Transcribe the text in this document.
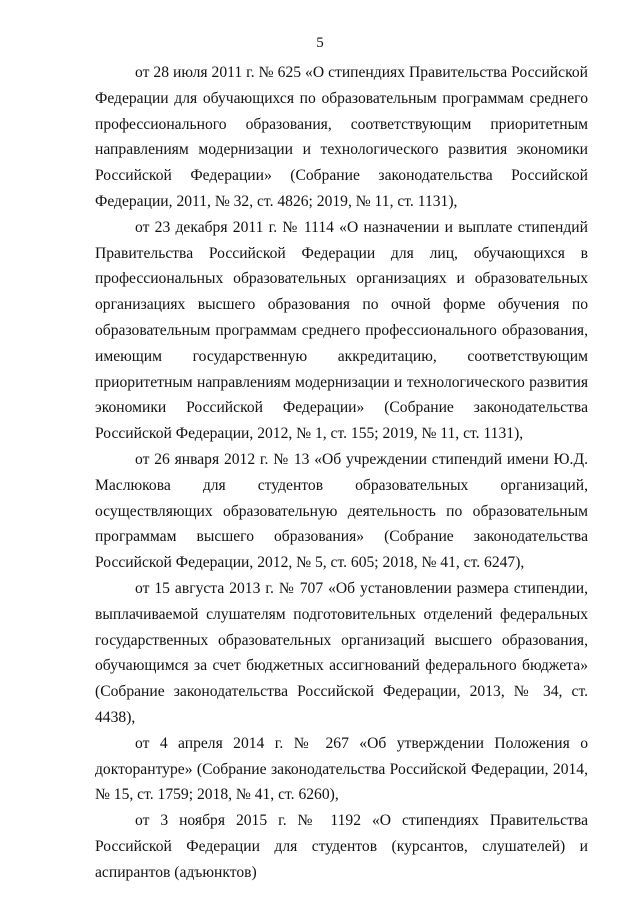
5

от 28 июля 2011 г. № 625 «О стипендиях Правительства Российской Федерации для обучающихся по образовательным программам среднего профессионального образования, соответствующим приоритетным направлениям модернизации и технологического развития экономики Российской Федерации» (Собрание законодательства Российской Федерации, 2011, № 32, ст. 4826; 2019, № 11, ст. 1131),

от 23 декабря 2011 г. № 1114 «О назначении и выплате стипендий Правительства Российской Федерации для лиц, обучающихся в профессиональных образовательных организациях и образовательных организациях высшего образования по очной форме обучения по образовательным программам среднего профессионального образования, имеющим государственную аккредитацию, соответствующим приоритетным направлениям модернизации и технологического развития экономики Российской Федерации» (Собрание законодательства Российской Федерации, 2012, № 1, ст. 155; 2019, № 11, ст. 1131),

от 26 января 2012 г. № 13 «Об учреждении стипендий имени Ю.Д. Маслюкова для студентов образовательных организаций, осуществляющих образовательную деятельность по образовательным программам высшего образования» (Собрание законодательства Российской Федерации, 2012, № 5, ст. 605; 2018, № 41, ст. 6247),

от 15 августа 2013 г. № 707 «Об установлении размера стипендии, выплачиваемой слушателям подготовительных отделений федеральных государственных образовательных организаций высшего образования, обучающимся за счет бюджетных ассигнований федерального бюджета» (Собрание законодательства Российской Федерации, 2013, № 34, ст. 4438),

от 4 апреля 2014 г. № 267 «Об утверждении Положения о докторантуре» (Собрание законодательства Российской Федерации, 2014, № 15, ст. 1759; 2018, № 41, ст. 6260),

от 3 ноября 2015 г. № 1192 «О стипендиях Правительства Российской Федерации для студентов (курсантов, слушателей) и аспирантов (адъюнктов)
